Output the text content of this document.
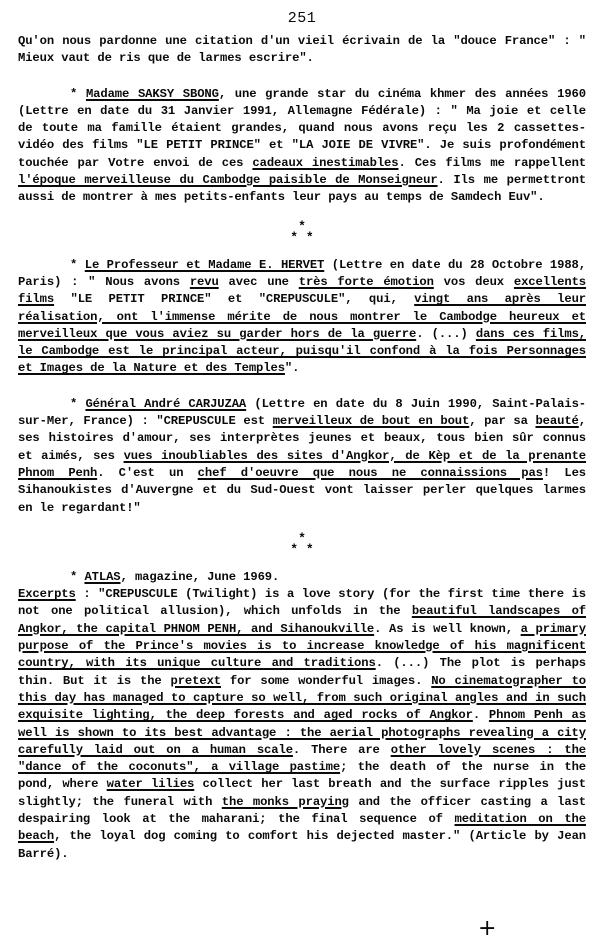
251

Qu'on nous pardonne une citation d'un vieil écrivain de la "douce France" : " Mieux vaut de ris que de larmes escrire".

* Madame SAKSY SBONG, une grande star du cinéma khmer des années 1960 (Lettre en date du 31 Janvier 1991, Allemagne Fédérale) : " Ma joie et celle de toute ma famille étaient grandes, quand nous avons reçu les 2 cassettes-vidéo des films "LE PETIT PRINCE" et "LA JOIE DE VIVRE". Je suis profondément touchée par Votre envoi de ces cadeaux inestimables. Ces films me rappellent l'époque merveilleuse du Cambodge paisible de Monseigneur. Ils me permettront aussi de montrer à mes petits-enfants leur pays au temps de Samdech Euv".

*
* *

* Le Professeur et Madame E. HERVET (Lettre en date du 28 Octobre 1988, Paris) : " Nous avons revu avec une très forte émotion vos deux excellents films "LE PETIT PRINCE" et "CREPUSCULE", qui, vingt ans après leur réalisation, ont l'immense mérite de nous montrer le Cambodge heureux et merveilleux que vous aviez su garder hors de la guerre. (...) dans ces films, le Cambodge est le principal acteur, puisqu'il confond à la fois Personnages et Images de la Nature et des Temples".

* Général André CARJUZAA (Lettre en date du 8 Juin 1990, Saint-Palais-sur-Mer, France) : "CREPUSCULE est merveilleux de bout en bout, par sa beauté, ses histoires d'amour, ses interprètes jeunes et beaux, tous bien sûr connus et aimés, ses vues inoubliables des sites d'Angkor, de Kèp et de la prenante Phnom Penh. C'est un chef d'oeuvre que nous ne connaissions pas! Les Sihanoukistes d'Auvergne et du Sud-Ouest vont laisser perler quelques larmes en le regardant!"

*
* *

* ATLAS, magazine, June 1969.
Excerpts : "CREPUSCULE (Twilight) is a love story (for the first time there is not one political allusion), which unfolds in the beautiful landscapes of Angkor, the capital PHNOM PENH, and Sihanoukville. As is well known, a primary purpose of the Prince's movies is to increase knowledge of his magnificent country, with its unique culture and traditions. (...) The plot is perhaps thin. But it is the pretext for some wonderful images. No cinematographer to this day has managed to capture so well, from such original angles and in such exquisite lighting, the deep forests and aged rocks of Angkor. Phnom Penh as well is shown to its best advantage : the aerial photographs revealing a city carefully laid out on a human scale. There are other lovely scenes : the "dance of the coconuts", a village pastime; the death of the nurse in the pond, where water lilies collect her last breath and the surface ripples just slightly; the funeral with the monks praying and the officer casting a last despairing look at the maharani; the final sequence of meditation on the beach, the loyal dog coming to comfort his dejected master." (Article by Jean Barré).

+
